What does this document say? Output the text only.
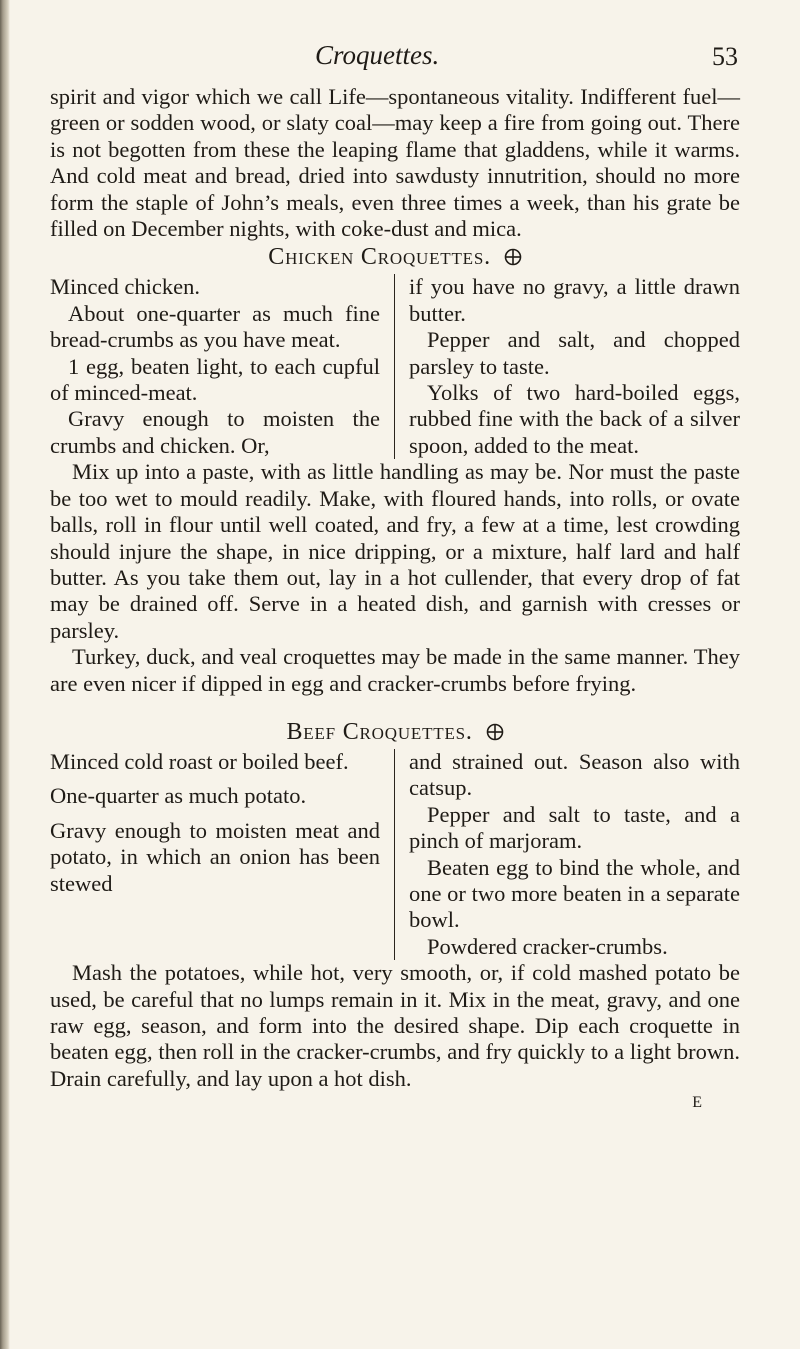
Croquettes.	53

spirit and vigor which we call Life—spontaneous vitality. Indifferent fuel—green or sodden wood, or slaty coal—may keep a fire from going out. There is not begotten from these the leaping flame that gladdens, while it warms. And cold meat and bread, dried into sawdusty innutrition, should no more form the staple of John’s meals, even three times a week, than his grate be filled on December nights, with coke-dust and mica.

Chicken Croquettes.

Minced chicken.

About one-quarter as much fine bread-crumbs as you have meat.

1 egg, beaten light, to each cupful of minced-meat.

Gravy enough to moisten the crumbs and chicken. Or,

if you have no gravy, a little drawn butter.

Pepper and salt, and chopped parsley to taste.

Yolks of two hard-boiled eggs, rubbed fine with the back of a silver spoon, added to the meat.

Mix up into a paste, with as little handling as may be. Nor must the paste be too wet to mould readily. Make, with floured hands, into rolls, or ovate balls, roll in flour until well coated, and fry, a few at a time, lest crowding should injure the shape, in nice dripping, or a mixture, half lard and half butter. As you take them out, lay in a hot cullender, that every drop of fat may be drained off. Serve in a heated dish, and garnish with cresses or parsley.

Turkey, duck, and veal croquettes may be made in the same manner. They are even nicer if dipped in egg and cracker-crumbs before frying.

Beef Croquettes.

Minced cold roast or boiled beef.

One-quarter as much potato.

Gravy enough to moisten meat and potato, in which an onion has been stewed

and strained out. Season also with catsup.

Pepper and salt to taste, and a pinch of marjoram.

Beaten egg to bind the whole, and one or two more beaten in a separate bowl.

Powdered cracker-crumbs.

Mash the potatoes, while hot, very smooth, or, if cold mashed potato be used, be careful that no lumps remain in it. Mix in the meat, gravy, and one raw egg, season, and form into the desired shape. Dip each croquette in beaten egg, then roll in the cracker-crumbs, and fry quickly to a light brown. Drain carefully, and lay upon a hot dish.

E
